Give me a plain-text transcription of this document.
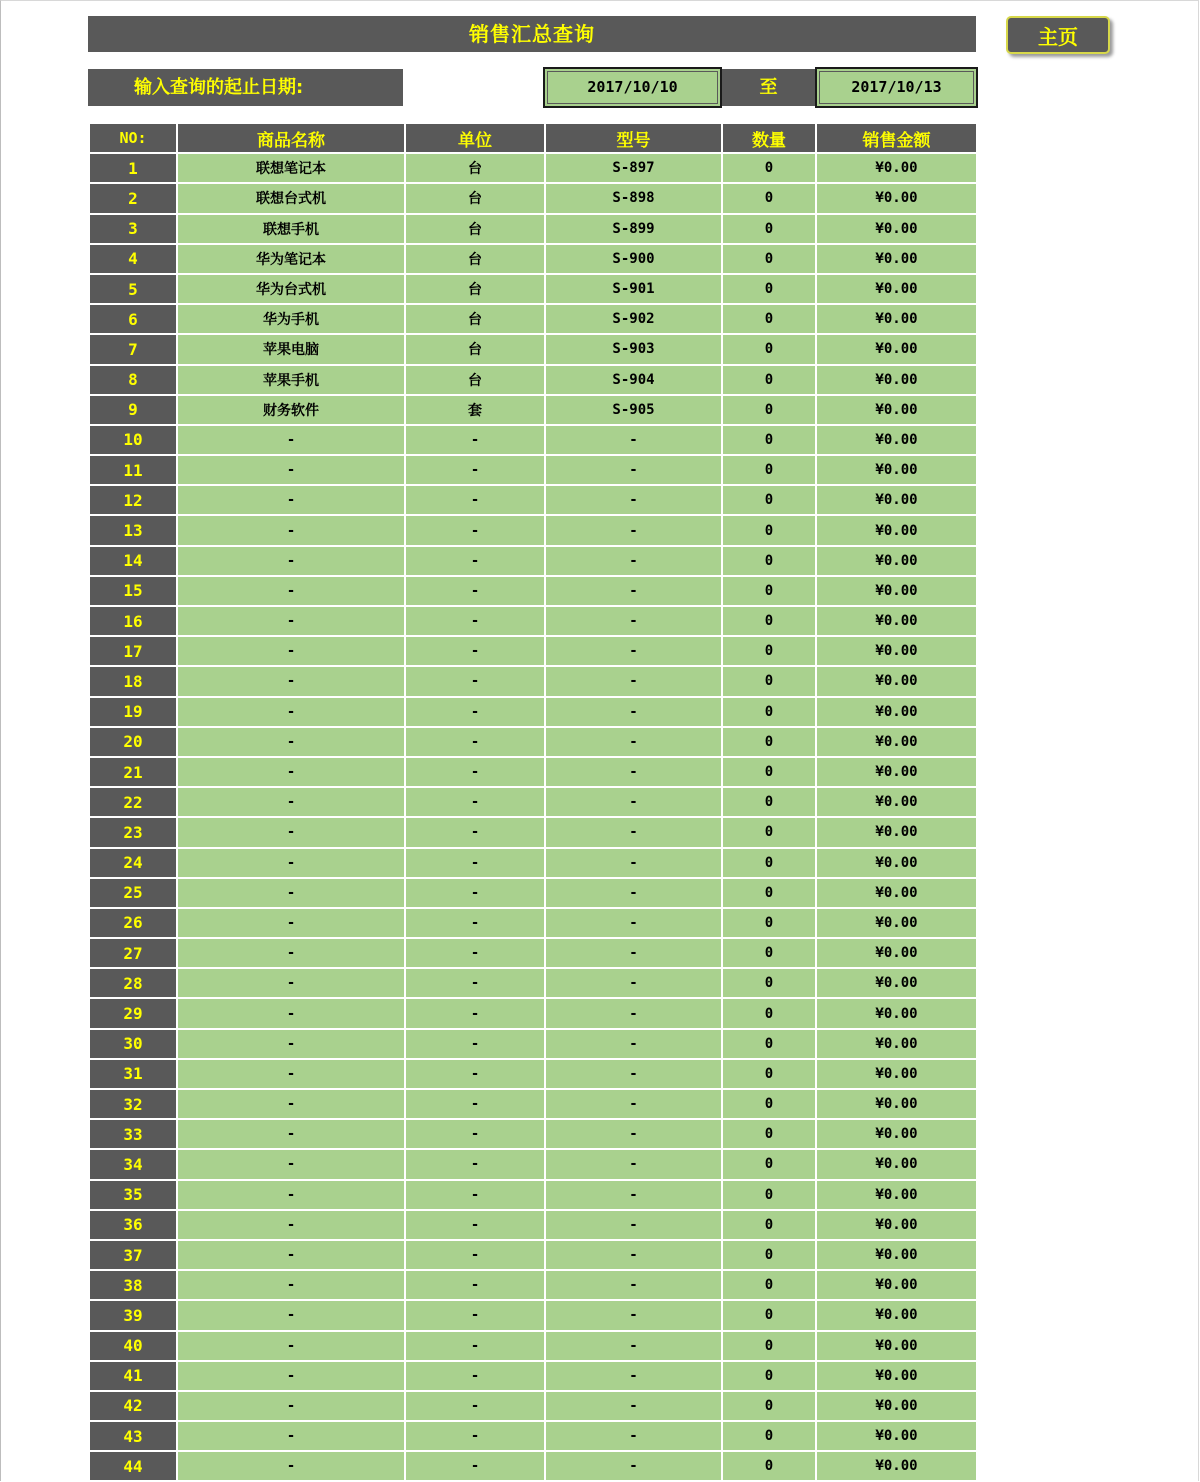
销售汇总查询	主页
输入查询的起止日期:	2017/10/10	至	2017/10/13
NO:	商品名称	单位	型号	数量	销售金额
1	联想笔记本	台	S-897	0	¥0.00
2	联想台式机	台	S-898	0	¥0.00
3	联想手机	台	S-899	0	¥0.00
4	华为笔记本	台	S-900	0	¥0.00
5	华为台式机	台	S-901	0	¥0.00
6	华为手机	台	S-902	0	¥0.00
7	苹果电脑	台	S-903	0	¥0.00
8	苹果手机	台	S-904	0	¥0.00
9	财务软件	套	S-905	0	¥0.00
10	-	-	-	0	¥0.00
11	-	-	-	0	¥0.00
12	-	-	-	0	¥0.00
13	-	-	-	0	¥0.00
14	-	-	-	0	¥0.00
15	-	-	-	0	¥0.00
16	-	-	-	0	¥0.00
17	-	-	-	0	¥0.00
18	-	-	-	0	¥0.00
19	-	-	-	0	¥0.00
20	-	-	-	0	¥0.00
21	-	-	-	0	¥0.00
22	-	-	-	0	¥0.00
23	-	-	-	0	¥0.00
24	-	-	-	0	¥0.00
25	-	-	-	0	¥0.00
26	-	-	-	0	¥0.00
27	-	-	-	0	¥0.00
28	-	-	-	0	¥0.00
29	-	-	-	0	¥0.00
30	-	-	-	0	¥0.00
31	-	-	-	0	¥0.00
32	-	-	-	0	¥0.00
33	-	-	-	0	¥0.00
34	-	-	-	0	¥0.00
35	-	-	-	0	¥0.00
36	-	-	-	0	¥0.00
37	-	-	-	0	¥0.00
38	-	-	-	0	¥0.00
39	-	-	-	0	¥0.00
40	-	-	-	0	¥0.00
41	-	-	-	0	¥0.00
42	-	-	-	0	¥0.00
43	-	-	-	0	¥0.00
44	-	-	-	0	¥0.00
